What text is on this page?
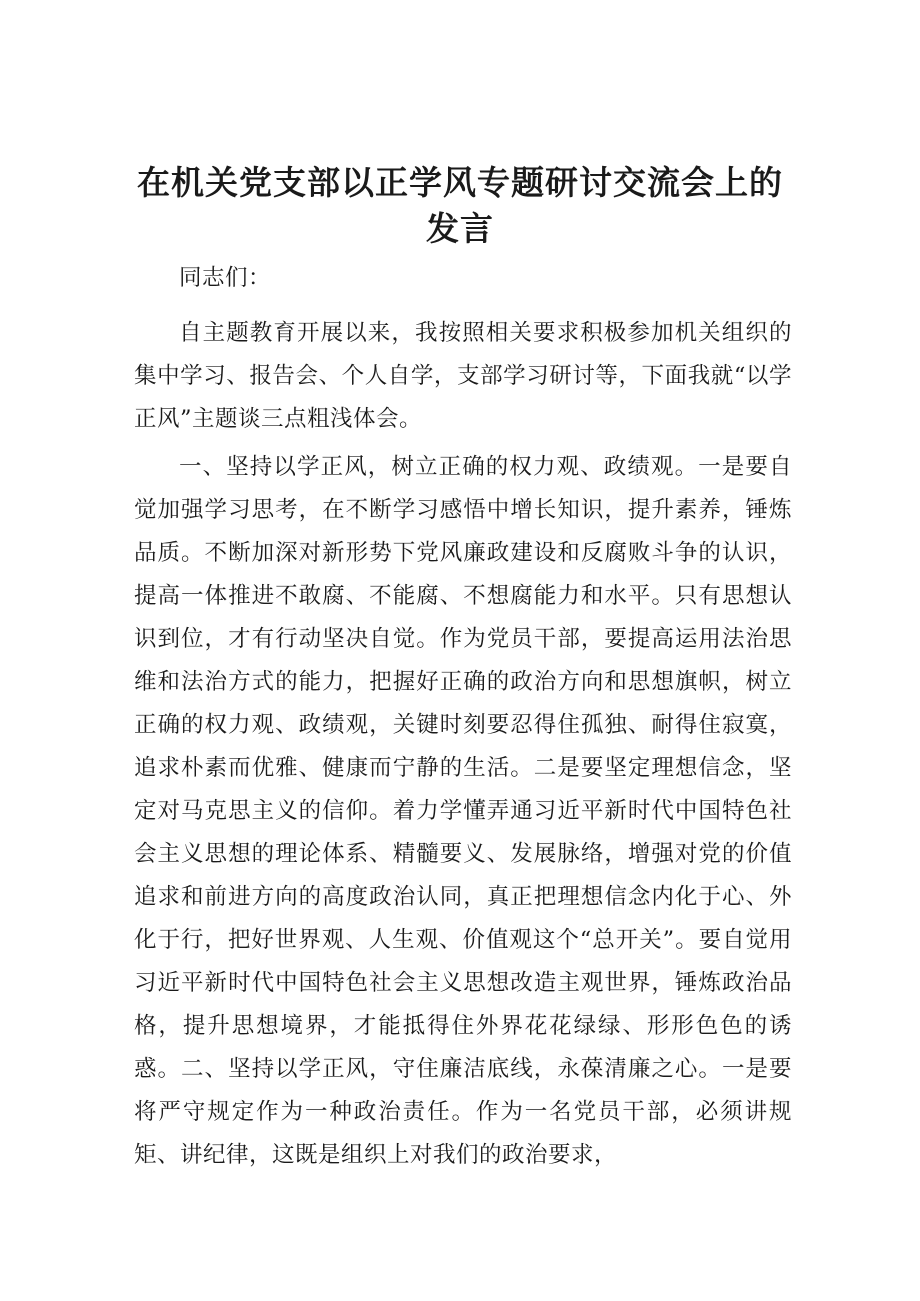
在机关党支部以正学风专题研讨交流会上的发言

同志们：

自主题教育开展以来，我按照相关要求积极参加机关组织的集中学习、报告会、个人自学，支部学习研讨等，下面我就“以学正风”主题谈三点粗浅体会。

一、坚持以学正风，树立正确的权力观、政绩观。一是要自觉加强学习思考，在不断学习感悟中增长知识，提升素养，锤炼品质。不断加深对新形势下党风廉政建设和反腐败斗争的认识，提高一体推进不敢腐、不能腐、不想腐能力和水平。只有思想认识到位，才有行动坚决自觉。作为党员干部，要提高运用法治思维和法治方式的能力，把握好正确的政治方向和思想旗帜，树立正确的权力观、政绩观，关键时刻要忍得住孤独、耐得住寂寞，追求朴素而优雅、健康而宁静的生活。二是要坚定理想信念，坚定对马克思主义的信仰。着力学懂弄通习近平新时代中国特色社会主义思想的理论体系、精髓要义、发展脉络，增强对党的价值追求和前进方向的高度政治认同，真正把理想信念内化于心、外化于行，把好世界观、人生观、价值观这个“总开关”。要自觉用习近平新时代中国特色社会主义思想改造主观世界，锤炼政治品格，提升思想境界，才能抵得住外界花花绿绿、形形色色的诱惑。二、坚持以学正风，守住廉洁底线，永葆清廉之心。一是要将严守规定作为一种政治责任。作为一名党员干部，必须讲规矩、讲纪律，这既是组织上对我们的政治要求，
